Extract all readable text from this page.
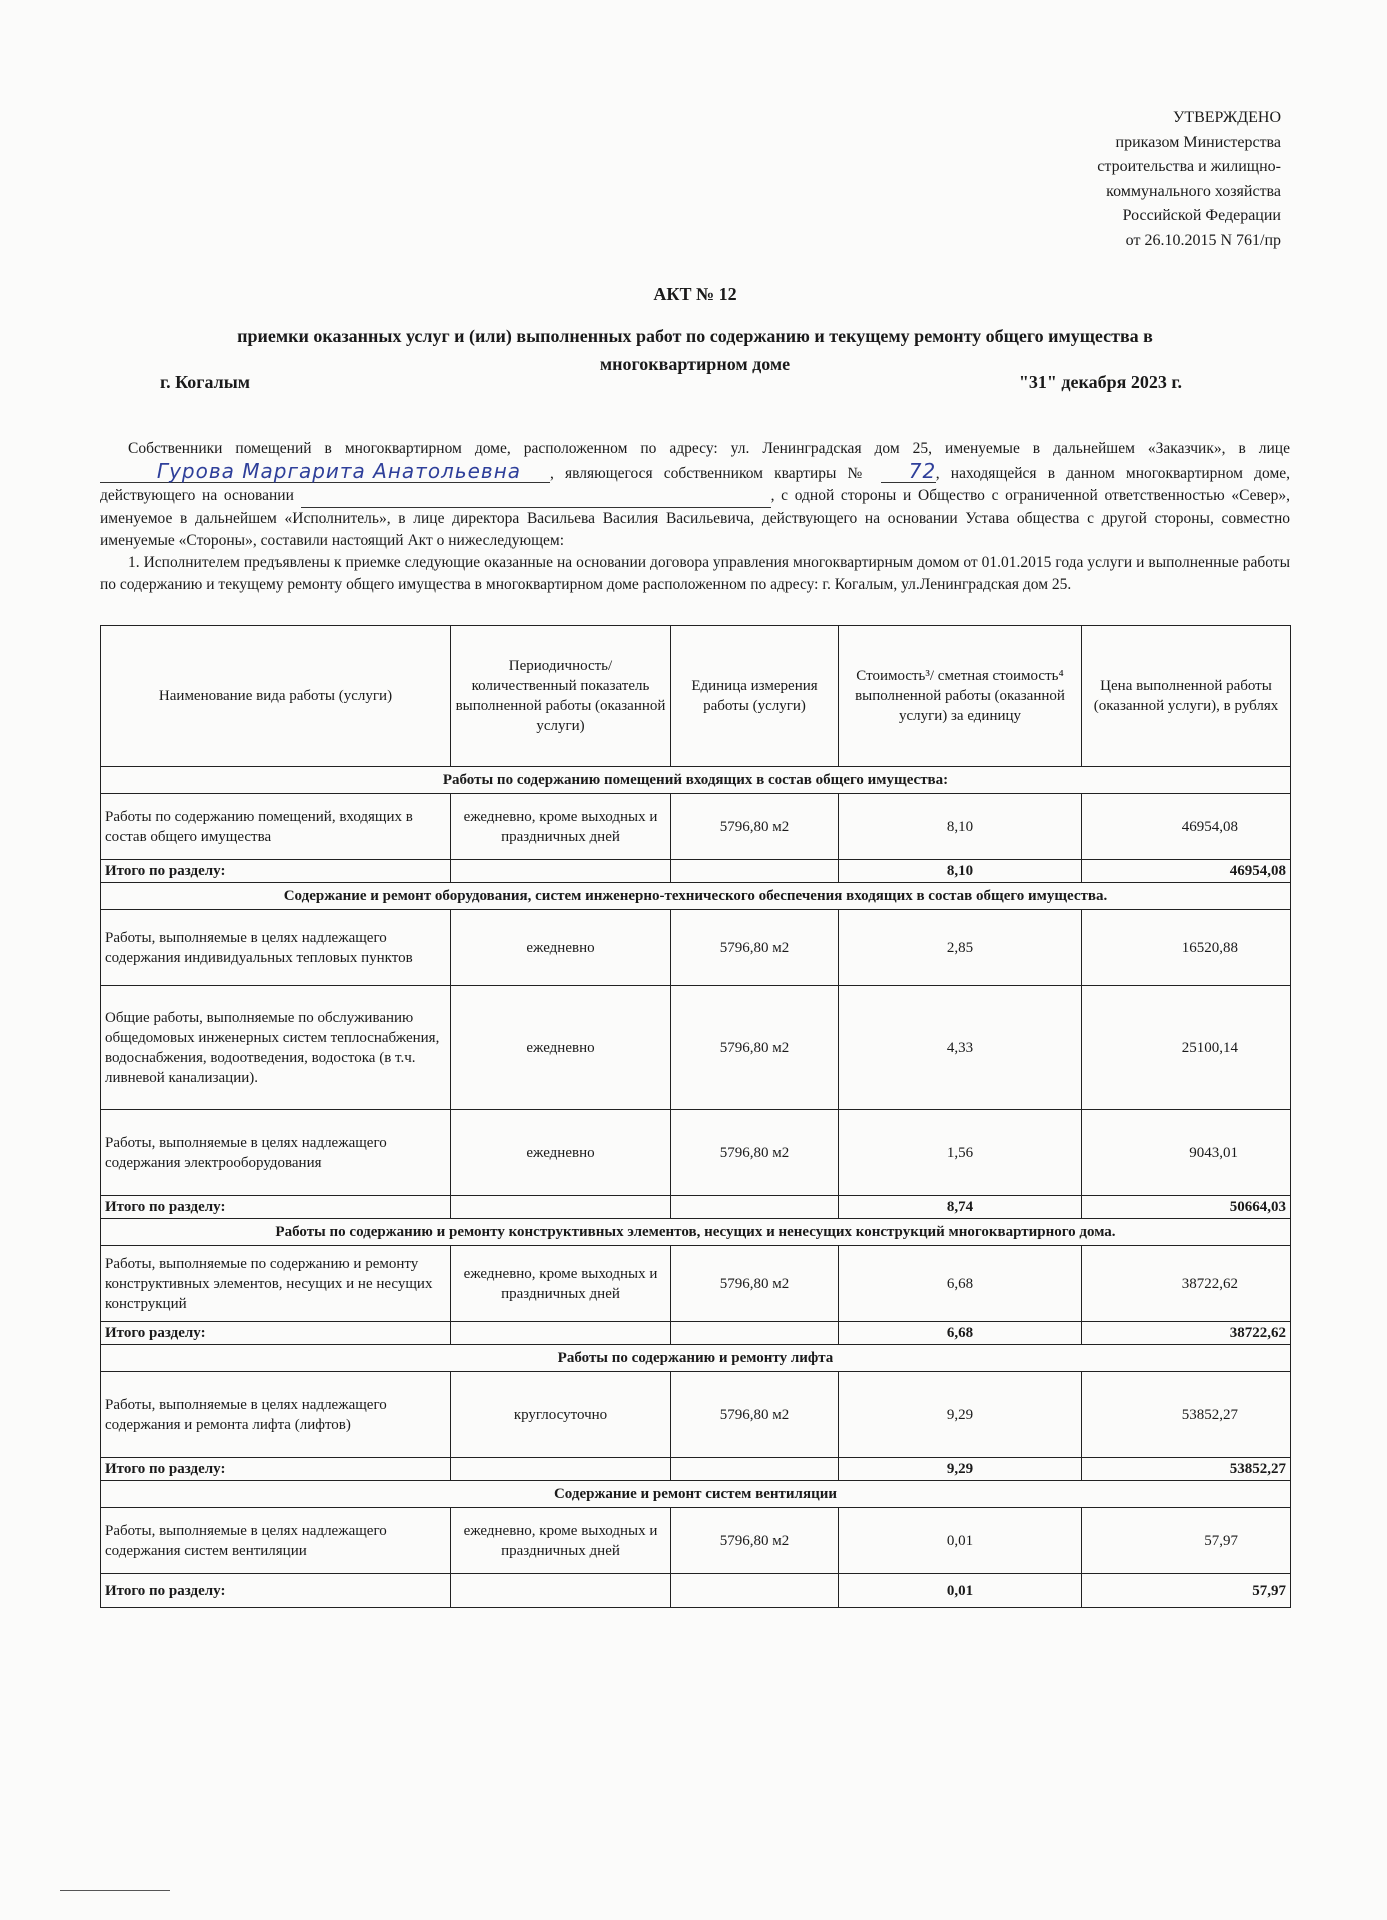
УТВЕРЖДЕНО
приказом Министерства
строительства и жилищно-
коммунального хозяйства
Российской Федерации
от 26.10.2015 N 761/пр
АКТ № 12
приемки оказанных услуг и (или) выполненных работ по содержанию и текущему ремонту общего имущества в многоквартирном доме
г. Когалым	"31" декабря 2023 г.

Собственники помещений в многоквартирном доме, расположенном по адресу: ул. Ленинградская дом 25, именуемые в дальнейшем «Заказчик», в лице Гурова Маргарита Анатольевна , являющегося собственником квартиры № 72, находящейся в данном многоквартирном доме, действующего на основании	, с одной стороны и Общество с ограниченной ответственностью «Север», именуемое в дальнейшем «Исполнитель», в лице директора Васильева Василия Васильевича, действующего на основании Устава общества с другой стороны, совместно именуемые «Стороны», составили настоящий Акт о нижеследующем:

1. Исполнителем предъявлены к приемке следующие оказанные на основании договора управления многоквартирным домом от 01.01.2015 года услуги и выполненные работы по содержанию и текущему ремонту общего имущества в многоквартирном доме расположенном по адресу: г. Когалым, ул.Ленинградская дом 25.

Наименование вида работы (услуги)	Периодичность/ количественный показатель выполненной работы (оказанной услуги)	Единица измерения работы (услуги)	Стоимость³/ сметная стоимость⁴ выполненной работы (оказанной услуги) за единицу	Цена выполненной работы (оказанной услуги), в рублях
Работы по содержанию помещений входящих в состав общего имущества:				
Работы по содержанию помещений, входящих в состав общего имущества	ежедневно, кроме выходных и праздничных дней	5796,80 м2	8,10	46954,08
Итого по разделу:			8,10	46954,08
Содержание и ремонт оборудования, систем инженерно-технического обеспечения входящих в состав общего имущества.				
Работы, выполняемые в целях надлежащего содержания индивидуальных тепловых пунктов	ежедневно	5796,80 м2	2,85	16520,88
Общие работы, выполняемые по обслуживанию общедомовых инженерных систем теплоснабжения, водоснабжения, водоотведения, водостока (в т.ч. ливневой канализации).	ежедневно	5796,80 м2	4,33	25100,14
Работы, выполняемые в целях надлежащего содержания электрооборудования	ежедневно	5796,80 м2	1,56	9043,01
Итого по разделу:			8,74	50664,03
Работы по содержанию и ремонту конструктивных элементов, несущих и ненесущих конструкций многоквартирного дома.				
Работы, выполняемые по содержанию и ремонту конструктивных элементов, несущих и не несущих конструкций	ежедневно, кроме выходных и праздничных дней	5796,80 м2	6,68	38722,62
Итого разделу:			6,68	38722,62
Работы по содержанию и ремонту лифта				
Работы, выполняемые в целях надлежащего содержания и ремонта лифта (лифтов)	круглосуточно	5796,80 м2	9,29	53852,27
Итого по разделу:			9,29	53852,27
Содержание и ремонт систем вентиляции				
Работы, выполняемые в целях надлежащего содержания систем вентиляции	ежедневно, кроме выходных и праздничных дней	5796,80 м2	0,01	57,97
Итого по разделу:			0,01	57,97
